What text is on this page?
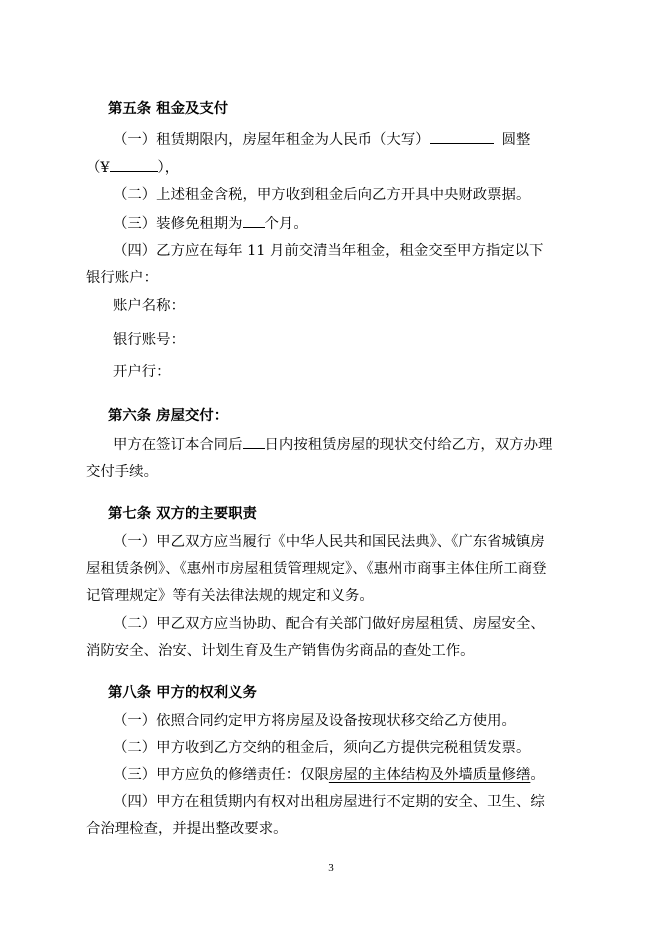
第五条 租金及支付
（一）租赁期限内，房屋年租金为人民币（大写）	圆整
（¥	），
（二）上述租金含税，甲方收到租金后向乙方开具中央财政票据。
（三）装修免租期为 个月。
（四）乙方应在每年 11 月前交清当年租金，租金交至甲方指定以下
银行账户：
账户名称：
银行账号：
开户行：
第六条 房屋交付：
甲方在签订本合同后 日内按租赁房屋的现状交付给乙方，双方办理
交付手续。
第七条 双方的主要职责
（一）甲乙双方应当履行《中华人民共和国民法典》、《广东省城镇房
屋租赁条例》、《惠州市房屋租赁管理规定》、《惠州市商事主体住所工商登
记管理规定》等有关法律法规的规定和义务。
（二）甲乙双方应当协助、配合有关部门做好房屋租赁、房屋安全、
消防安全、治安、计划生育及生产销售伪劣商品的查处工作。
第八条 甲方的权利义务
（一）依照合同约定甲方将房屋及设备按现状移交给乙方使用。
（二）甲方收到乙方交纳的租金后，须向乙方提供完税租赁发票。
（三）甲方应负的修缮责任：仅限房屋的主体结构及外墙质量修缮。
（四）甲方在租赁期内有权对出租房屋进行不定期的安全、卫生、综
合治理检查，并提出整改要求。
3
